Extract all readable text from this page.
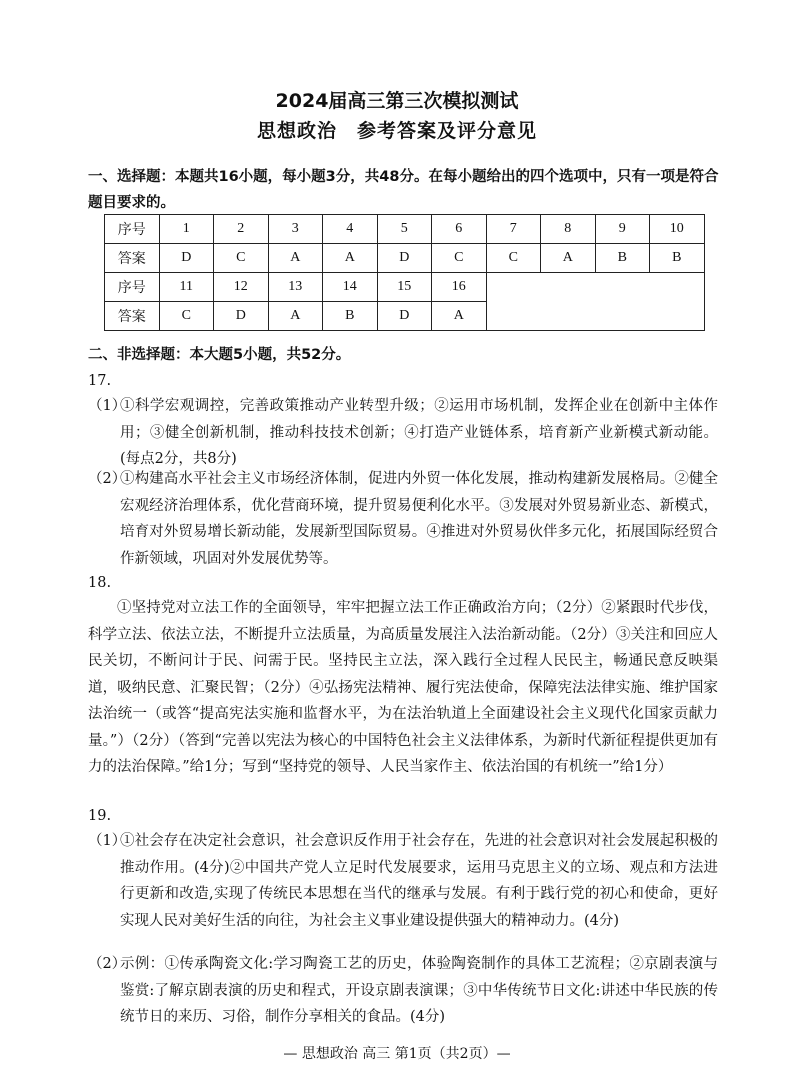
2024届高三第三次模拟测试
思想政治　参考答案及评分意见
一、选择题：本题共16小题，每小题3分，共48分。在每小题给出的四个选项中，只有一项是符合题目要求的。
序号	1	2	3	4	5	6	7	8	9	10
答案	D	C	A	A	D	C	C	A	B	B
序号	11	12	13	14	15	16				
答案	C	D	A	B	D	A				
二、非选择题：本大题5小题，共52分。
17.
（1）
①科学宏观调控，完善政策推动产业转型升级；②运用市场机制，发挥企业在创新中主体作用；③健全创新机制，推动科技技术创新；④打造产业链体系，培育新产业新模式新动能。(每点2分，共8分)
（2）
①构建高水平社会主义市场经济体制，促进内外贸一体化发展，推动构建新发展格局。②健全宏观经济治理体系，优化营商环境，提升贸易便利化水平。③发展对外贸易新业态、新模式，培育对外贸易增长新动能，发展新型国际贸易。④推进对外贸易伙伴多元化，拓展国际经贸合作新领域，巩固对外发展优势等。
18.
①坚持党对立法工作的全面领导，牢牢把握立法工作正确政治方向；（2分）②紧跟时代步伐，科学立法、依法立法，不断提升立法质量，为高质量发展注入法治新动能。（2分）③关注和回应人民关切，不断问计于民、问需于民。坚持民主立法，深入践行全过程人民民主，畅通民意反映渠道，吸纳民意、汇聚民智；（2分）④弘扬宪法精神、履行宪法使命，保障宪法法律实施、维护国家法治统一（或答“提高宪法实施和监督水平，为在法治轨道上全面建设社会主义现代化国家贡献力量。”）（2分）（答到“完善以宪法为核心的中国特色社会主义法律体系，为新时代新征程提供更加有力的法治保障。”给1分；写到“坚持党的领导、人民当家作主、依法治国的有机统一”给1分）
19.
（1）
①社会存在决定社会意识，社会意识反作用于社会存在，先进的社会意识对社会发展起积极的推动作用。(4分)②中国共产党人立足时代发展要求，运用马克思主义的立场、观点和方法进行更新和改造,实现了传统民本思想在当代的继承与发展。有利于践行党的初心和使命，更好实现人民对美好生活的向往，为社会主义事业建设提供强大的精神动力。(4分)
（2）
示例：①传承陶瓷文化:学习陶瓷工艺的历史，体验陶瓷制作的具体工艺流程；②京剧表演与鉴赏:了解京剧表演的历史和程式，开设京剧表演课；③中华传统节日文化:讲述中华民族的传统节日的来历、习俗，制作分享相关的食品。(4分)
— 思想政治 高三 第1页（共2页）—
